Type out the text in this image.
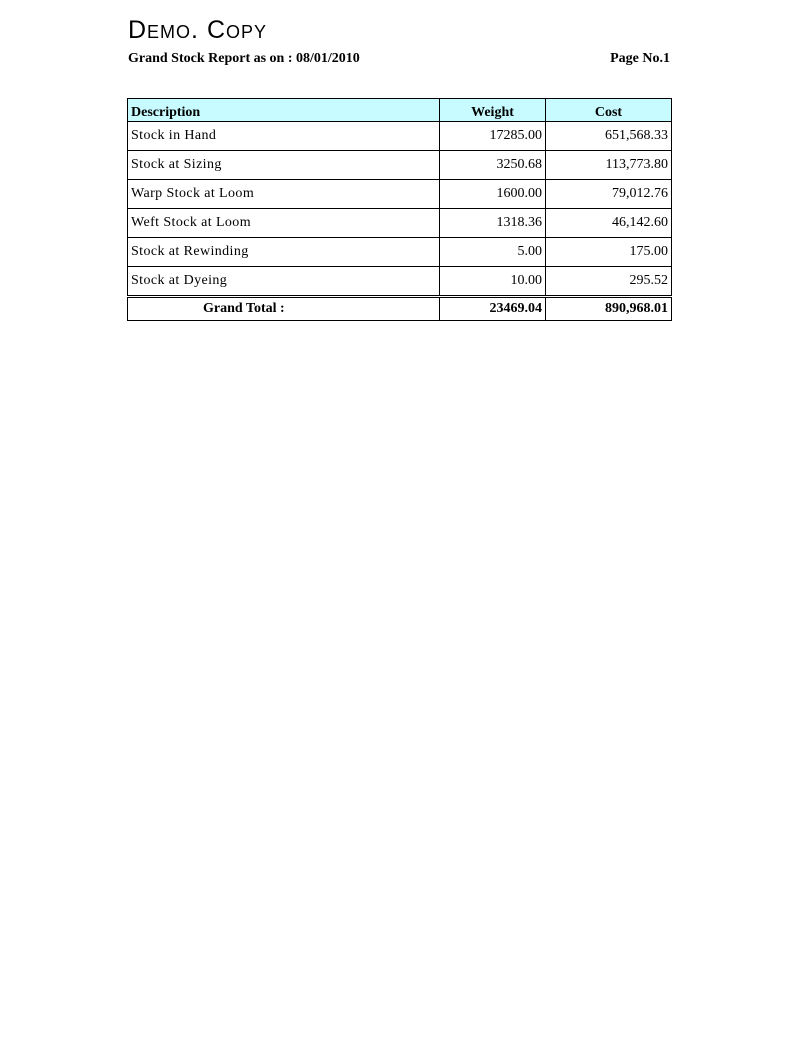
Demo. Copy
Grand Stock Report as on : 08/01/2010	Page No.1
Description	Weight	Cost
Stock in Hand	17285.00	651,568.33
Stock at Sizing	3250.68	113,773.80
Warp Stock at Loom	1600.00	79,012.76
Weft Stock at Loom	1318.36	46,142.60
Stock at Rewinding	5.00	175.00
Stock at Dyeing	10.00	295.52
Grand Total :	23469.04	890,968.01
